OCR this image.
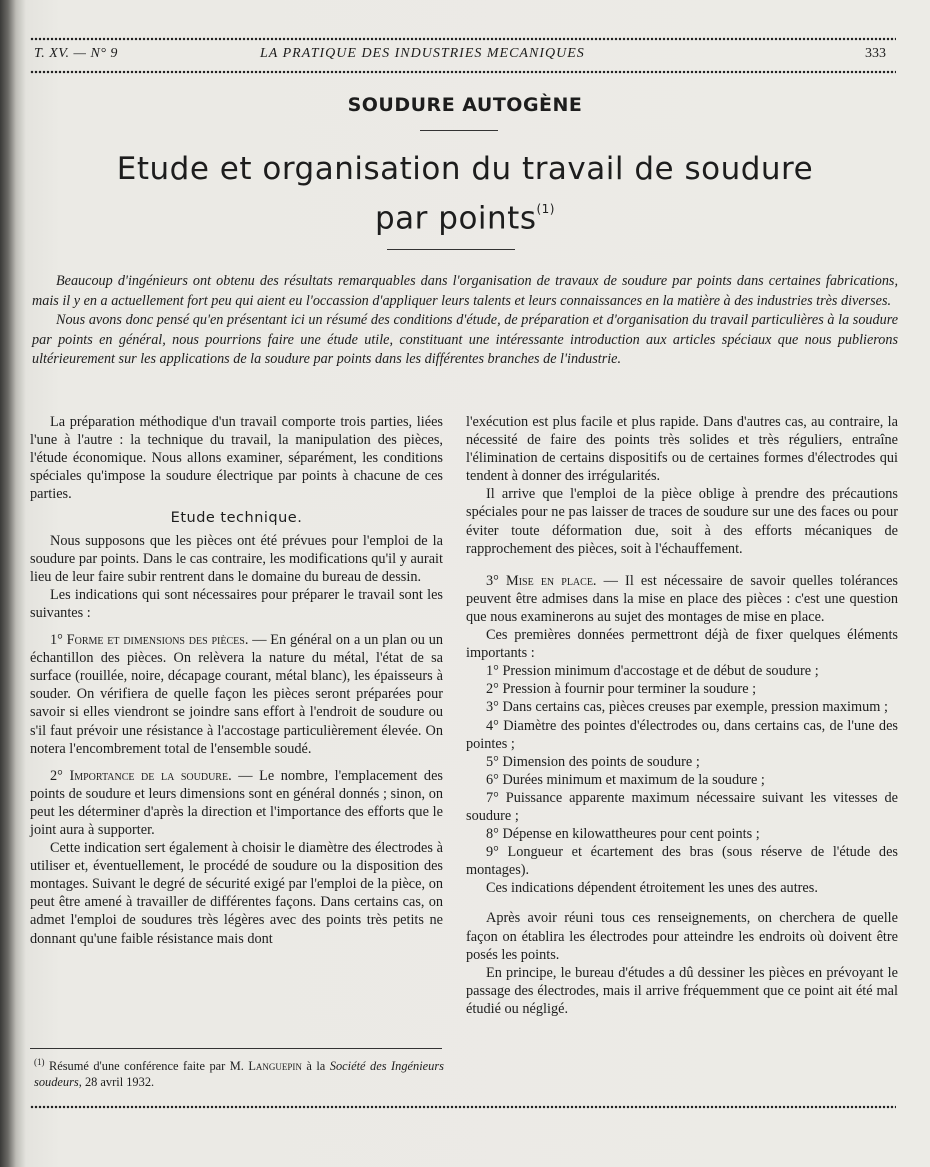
T. XV. — N° 9	LA PRATIQUE DES INDUSTRIES MECANIQUES	333
SOUDURE AUTOGÈNE
Etude et organisation du travail de soudure
par points$^{(1)}$

Beaucoup d'ingénieurs ont obtenu des résultats remarquables dans l'organisation de travaux de soudure par points dans certaines fabrications, mais il y en a actuellement fort peu qui aient eu l'occassion d'appliquer leurs talents et leurs connaissances en la matière à des industries très diverses.

Nous avons donc pensé qu'en présentant ici un résumé des conditions d'étude, de préparation et d'organisation du travail particulières à la soudure par points en général, nous pourrions faire une étude utile, constituant une intéressante introduction aux articles spéciaux que nous publierons ultérieurement sur les applications de la soudure par points dans les différentes branches de l'industrie.

La préparation méthodique d'un travail comporte trois parties, liées l'une à l'autre : la technique du travail, la manipulation des pièces, l'étude économique. Nous allons examiner, séparément, les conditions spéciales qu'impose la soudure électrique par points à chacune de ces parties.

Etude technique.

Nous supposons que les pièces ont été prévues pour l'emploi de la soudure par points. Dans le cas contraire, les modifications qu'il y aurait lieu de leur faire subir rentrent dans le domaine du bureau de dessin.

Les indications qui sont nécessaires pour préparer le travail sont les suivantes :

1° Forme et dimensions des pièces. — En général on a un plan ou un échantillon des pièces. On relèvera la nature du métal, l'état de sa surface (rouillée, noire, décapage courant, métal blanc), les épaisseurs à souder. On vérifiera de quelle façon les pièces seront préparées pour savoir si elles viendront se joindre sans effort à l'endroit de soudure ou s'il faut prévoir une résistance à l'accostage particulièrement élevée. On notera l'encombrement total de l'ensemble soudé.

2° Importance de la soudure. — Le nombre, l'emplacement des points de soudure et leurs dimensions sont en général donnés ; sinon, on peut les déterminer d'après la direction et l'importance des efforts que le joint aura à supporter.

Cette indication sert également à choisir le diamètre des électrodes à utiliser et, éventuellement, le procédé de soudure ou la disposition des montages. Suivant le degré de sécurité exigé par l'emploi de la pièce, on peut être amené à travailler de différentes façons. Dans certains cas, on admet l'emploi de soudures très légères avec des points très petits ne donnant qu'une faible résistance mais dont

l'exécution est plus facile et plus rapide. Dans d'autres cas, au contraire, la nécessité de faire des points très solides et très réguliers, entraîne l'élimination de certains dispositifs ou de certaines formes d'électrodes qui tendent à donner des irrégularités.

Il arrive que l'emploi de la pièce oblige à prendre des précautions spéciales pour ne pas laisser de traces de soudure sur une des faces ou pour éviter toute déformation due, soit à des efforts mécaniques de rapprochement des pièces, soit à l'échauffement.

3° Mise en place. — Il est nécessaire de savoir quelles tolérances peuvent être admises dans la mise en place des pièces : c'est une question que nous examinerons au sujet des montages de mise en place.

Ces premières données permettront déjà de fixer quelques éléments importants :

1° Pression minimum d'accostage et de début de soudure ;
2° Pression à fournir pour terminer la soudure ;
3° Dans certains cas, pièces creuses par exemple, pression maximum ;
4° Diamètre des pointes d'électrodes ou, dans certains cas, de l'une des pointes ;
5° Dimension des points de soudure ;
6° Durées minimum et maximum de la soudure ;
7° Puissance apparente maximum nécessaire suivant les vitesses de soudure ;
8° Dépense en kilowattheures pour cent points ;
9° Longueur et écartement des bras (sous réserve de l'étude des montages).

Ces indications dépendent étroitement les unes des autres.

Après avoir réuni tous ces renseignements, on cherchera de quelle façon on établira les électrodes pour atteindre les endroits où doivent être posés les points.

En principe, le bureau d'études a dû dessiner les pièces en prévoyant le passage des électrodes, mais il arrive fréquemment que ce point ait été mal étudié ou négligé.

$^{(1)}$ Résumé d'une conférence faite par M. Languepin à la Société des Ingénieurs soudeurs, 28 avril 1932.
